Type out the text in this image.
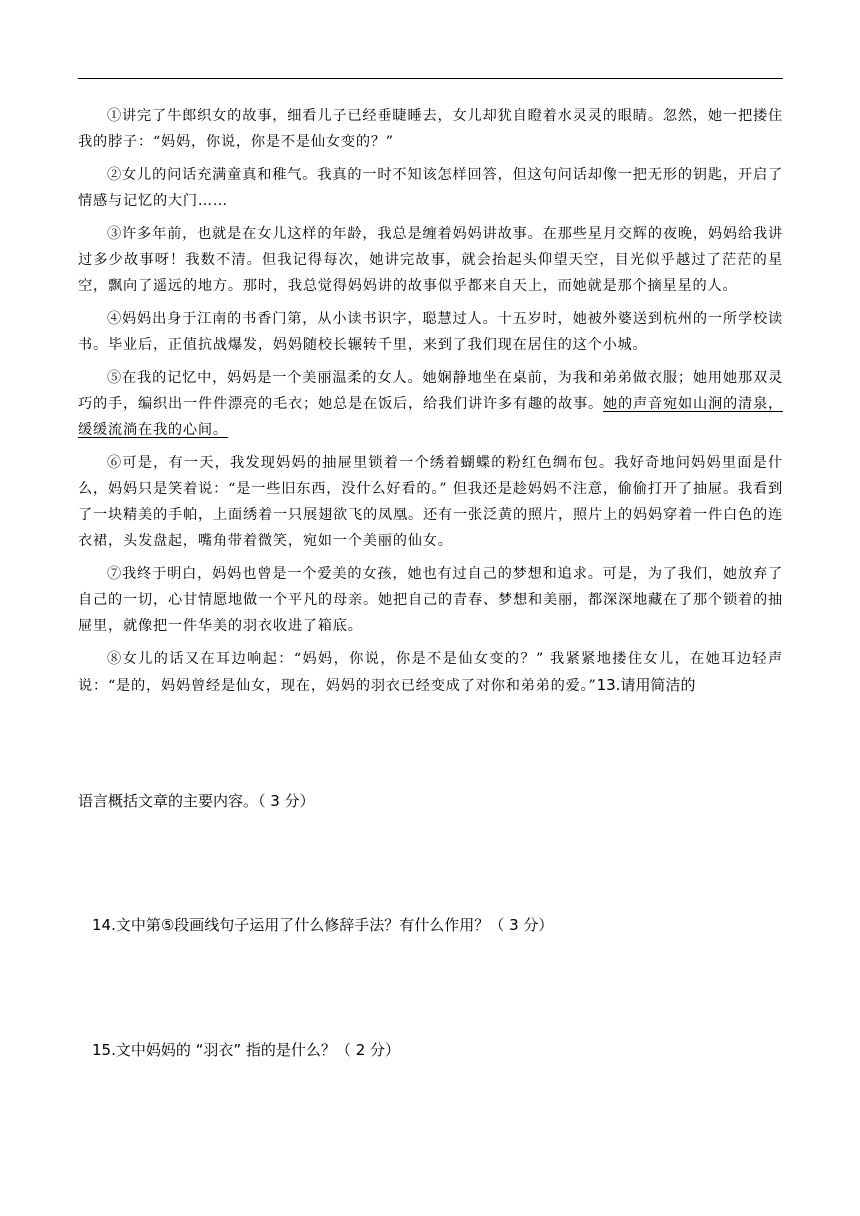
①讲完了牛郎织女的故事，细看儿子已经垂睫睡去，女儿却犹自瞪着水灵灵的眼睛。忽然，她一把搂住我的脖子：“妈妈，你说，你是不是仙女变的？”

②女儿的问话充满童真和稚气。我真的一时不知该怎样回答，但这句问话却像一把无形的钥匙，开启了情感与记忆的大门……

③许多年前，也就是在女儿这样的年龄，我总是缠着妈妈讲故事。在那些星月交辉的夜晚，妈妈给我讲过多少故事呀！我数不清。但我记得每次，她讲完故事，就会抬起头仰望天空，目光似乎越过了茫茫的星空，飘向了遥远的地方。那时，我总觉得妈妈讲的故事似乎都来自天上，而她就是那个摘星星的人。

④妈妈出身于江南的书香门第，从小读书识字，聪慧过人。十五岁时，她被外婆送到杭州的一所学校读书。毕业后，正值抗战爆发，妈妈随校长辗转千里，来到了我们现在居住的这个小城。

⑤在我的记忆中，妈妈是一个美丽温柔的女人。她娴静地坐在桌前，为我和弟弟做衣服；她用她那双灵巧的手，编织出一件件漂亮的毛衣；她总是在饭后，给我们讲许多有趣的故事。她的声音宛如山涧的清泉，缓缓流淌在我的心间。

⑥可是，有一天，我发现妈妈的抽屉里锁着一个绣着蝴蝶的粉红色绸布包。我好奇地问妈妈里面是什么，妈妈只是笑着说：“是一些旧东西，没什么好看的。” 但我还是趁妈妈不注意，偷偷打开了抽屉。我看到了一块精美的手帕，上面绣着一只展翅欲飞的凤凰。还有一张泛黄的照片，照片上的妈妈穿着一件白色的连衣裙，头发盘起，嘴角带着微笑，宛如一个美丽的仙女。

⑦我终于明白，妈妈也曾是一个爱美的女孩，她也有过自己的梦想和追求。可是，为了我们，她放弃了自己的一切，心甘情愿地做一个平凡的母亲。她把自己的青春、梦想和美丽，都深深地藏在了那个锁着的抽屉里，就像把一件华美的羽衣收进了箱底。

⑧女儿的话又在耳边响起：“妈妈，你说，你是不是仙女变的？” 我紧紧地搂住女儿，在她耳边轻声说：“是的，妈妈曾经是仙女，现在，妈妈的羽衣已经变成了对你和弟弟的爱。”13.请用简洁的

语言概括文章的主要内容。（ 3 分）
14.文中第⑤段画线句子运用了什么修辞手法？有什么作用？（ 3 分）
15.文中妈妈的 “羽衣” 指的是什么？（ 2 分）
